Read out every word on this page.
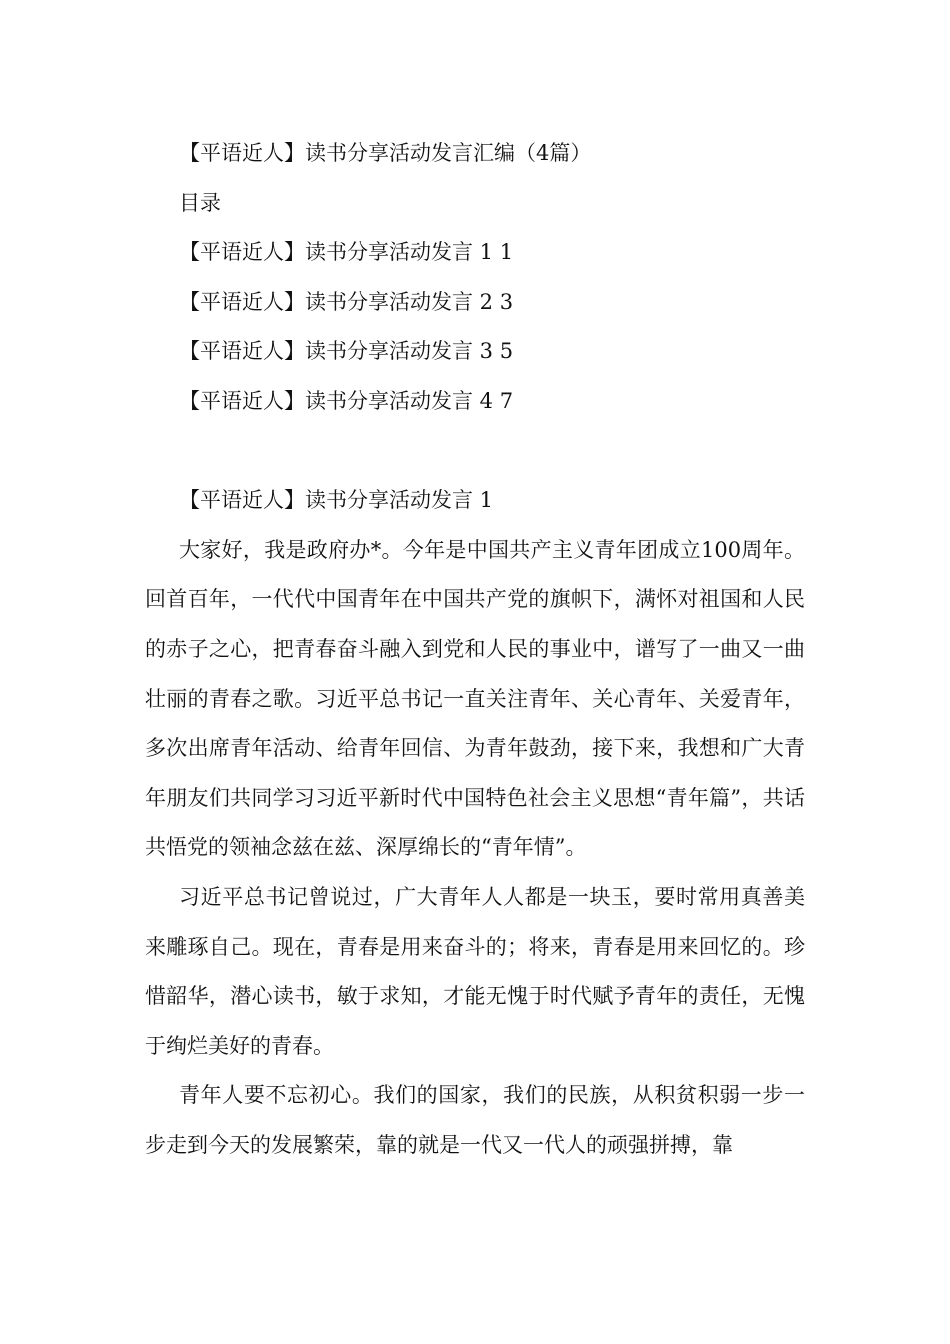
【平语近人】读书分享活动发言汇编（4篇）
目录
【平语近人】读书分享活动发言 1 1
【平语近人】读书分享活动发言 2 3
【平语近人】读书分享活动发言 3 5
【平语近人】读书分享活动发言 4 7
【平语近人】读书分享活动发言 1

大家好，我是政府办*。今年是中国共产主义青年团成立100周年。回首百年，一代代中国青年在中国共产党的旗帜下，满怀对祖国和人民的赤子之心，把青春奋斗融入到党和人民的事业中，谱写了一曲又一曲壮丽的青春之歌。习近平总书记一直关注青年、关心青年、关爱青年，多次出席青年活动、给青年回信、为青年鼓劲，接下来，我想和广大青年朋友们共同学习习近平新时代中国特色社会主义思想“青年篇”，共话共悟党的领袖念兹在兹、深厚绵长的“青年情”。

习近平总书记曾说过，广大青年人人都是一块玉，要时常用真善美来雕琢自己。现在，青春是用来奋斗的；将来，青春是用来回忆的。珍惜韶华，潜心读书，敏于求知，才能无愧于时代赋予青年的责任，无愧于绚烂美好的青春。

青年人要不忘初心。我们的国家，我们的民族，从积贫积弱一步一步走到今天的发展繁荣，靠的就是一代又一代人的顽强拼搏，靠
